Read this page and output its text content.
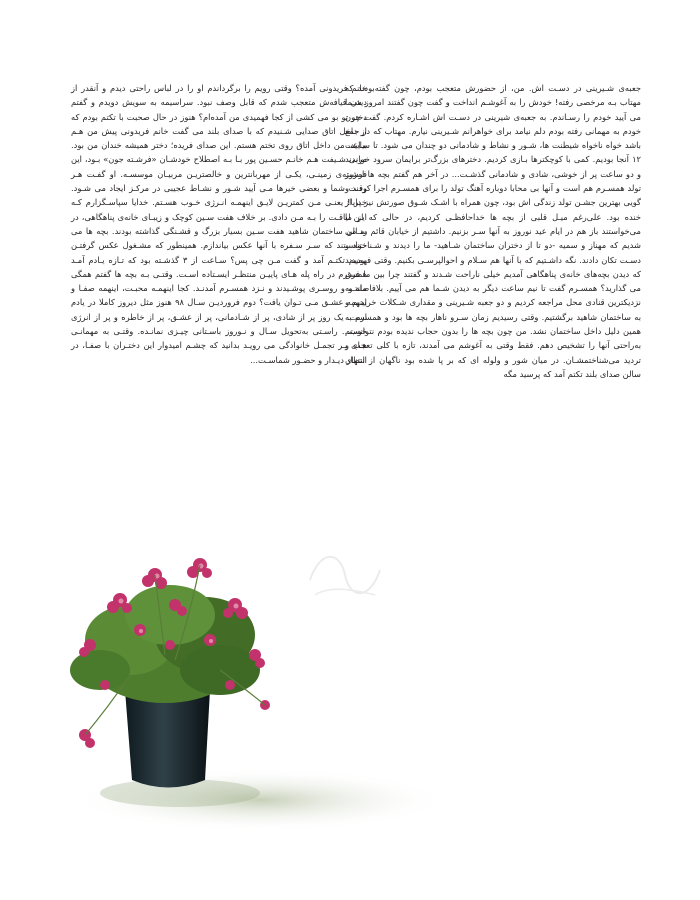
جعبه‌ی شـیرینی در دسـت اش. من، از حضورش متعجب بودم، چون گفته‌بودند که مهتاب بـه مرخصی رفته! خودش را به آغوشـم انداخت و گفت چون گفتند امروز شـما می آیید خودم را رسـاندم. به جعبه‌ی شیرینی در دسـت اش اشـاره کردم. گفت چون خودم به مهمانی رفته بودم دلم نیامد برای خواهرانم شـیرینی نیارم. مهتاب که در جمع باشد خواه ناخواه شیطنت ها، شـور و نشاط و شادمانی دو چندان می شود. تا سـاعت ۱۲ آنجا بودیم. کمی با کوچکترها بـازی کردیم. دخترهای بزرگ‌تر برایمان سرود خواندند و دو ساعت پر از خوشی، شادی و شادمانی گذشـت... در آخر هم گفتم بچه ها امروز تولد همسـرم هم است و آنها بی محابا دوباره آهنگ تولد را برای همسـرم اجرا کردند و گویی بهترین جشـن تولد زندگی اش بود، چون همراه با اشـک شـوق صورتش نیز پر از خنده بود. علی‌رغم میـل قلبی از بچه ها خداحافظـی کردیم، در حالی که از ما می‌خواستند باز هم در ایام عید نوروز به آنها سـر بزنیم. داشتیم از خیابان قائم رد می شدیم که مهناز و سمیه -دو تا از دختران ساختمان شـاهید- ما را دیدند و شـناختند و دسـت تکان دادند. نگه داشـتیم که با آنها هم سـلام و احوالپرسـی بکنیم. وقتی فهمیدند که دیدن بچه‌های خانه‌ی پناهگاهی آمدیم خیلی ناراحت شـدند و گفتند چرا بین ما فرق می گذارید؟ همسـرم گفت تا نیم ساعت دیگر به دیدن شـما هم می آییم. بلافاصله به نزدیکترین قنادی محل مراجعه کردیم و دو جعبه شـیرینی و مقداری شـکلات خریدیم و به ساختمان شاهید برگشتیم. وقتی رسیدیم زمان سـرو ناهار بچه ها بود و همسرم به همین دلیل داخل ساختمان نشد. من چون بچه ها را بدون حجاب ندیده بودم نتوانستم به‌راحتی آنها را تشخیص دهم. فقط وقتی به آغوشم می آمدند، تازه با کلی تعجب و تردید می‌شناختمشـان. در میان شور و ولوله ای که بر پا شده بود ناگهان از انتهای سالن صدای بلند تکتم آمد که پرسید مگه

خانم فریدونی آمده؟ وقتی رویم را برگرداندم او را در لباس راحتی دیدم و آنقدر از دیدن قیافه‌ش متعجب شدم که قابل وصف نبود. سراسیمه به سویش دویدم و گفتم دختر تو بو می کشی از کجا فهمیدی من آمده‌ام؟ هنوز در حال صحبت با تکتم بودم که از داخل اتاق صدایی شـنیدم که با صدای بلند می گفت خانم فریدونی پیش من هـم بیایید، من داخل اتاق روی تختم هستم. این صدای فریده؛ دختر همیشه خندان من بود. مربی شـیفت هـم خانـم حسـین پور بـا بـه اصطلاح خودشـان «فرشـته جون» بـود، این فرشـته‌ی زمینـی، یکـی از مهربانترین و خالصتریـن مربیـان موسسـه. او گفـت هـر وقـت شما و بعضی خیرها مـی آیید شـور و نشـاط عجیبی در مرکـز ایجاد می شـود. خدایا! یعنـی مـن کمتریـن لایـق اینهمـه انـرژی خـوب هسـتم. خدایا سپاسـگزارم کـه ایـن لیاقـت را بـه مـن دادی. بر خلاف هفت سـین کوچک و زیبـای خانه‌ی پناهگاهی، در سـالن ساختمان شاهید هفت سـین بسیار بزرگ و قشـنگی گذاشته بودند. بچه ها می خواسـتند که سـر سـفره با آنها عکس بیاندازم. همینطور که مشـغول عکس گرفتـن بودیم تکتـم آمد و گفت مـن چی پس؟ سـاعت از ۳ گذشـته بود که تـازه یـادم آمـد همسـرم در راه پله هـای پاییـن منتظـر ایسـتاده اسـت. وقتـی بـه بچه ها گفتم همگی مانتـو و روسـری پوشـیدند و نـزد همسـرم آمدنـد. کجا اینهمـه محبـت، اینهمه صفـا و اینهمه عشـق مـی تـوان یافت؟ دوم فروردیـن سـال ۹۸ هنوز مثل دیروز کاملا در یادم است. یک روز پر از شادی، پر از شـادمانی، پر از عشـق، پر از خاطره و پر از انرژی خوب... راسـتی به‌تحویل سـال و نـوروز باسـتانی چیـزی نمانـده. وقتـی به مهمانـی هـای پـر تجمـل خانوادگی می رویـد بدانید که چشـم امیدوار این دختـران با صفـا، در انتظار دیـدار و حضـور شماسـت...
